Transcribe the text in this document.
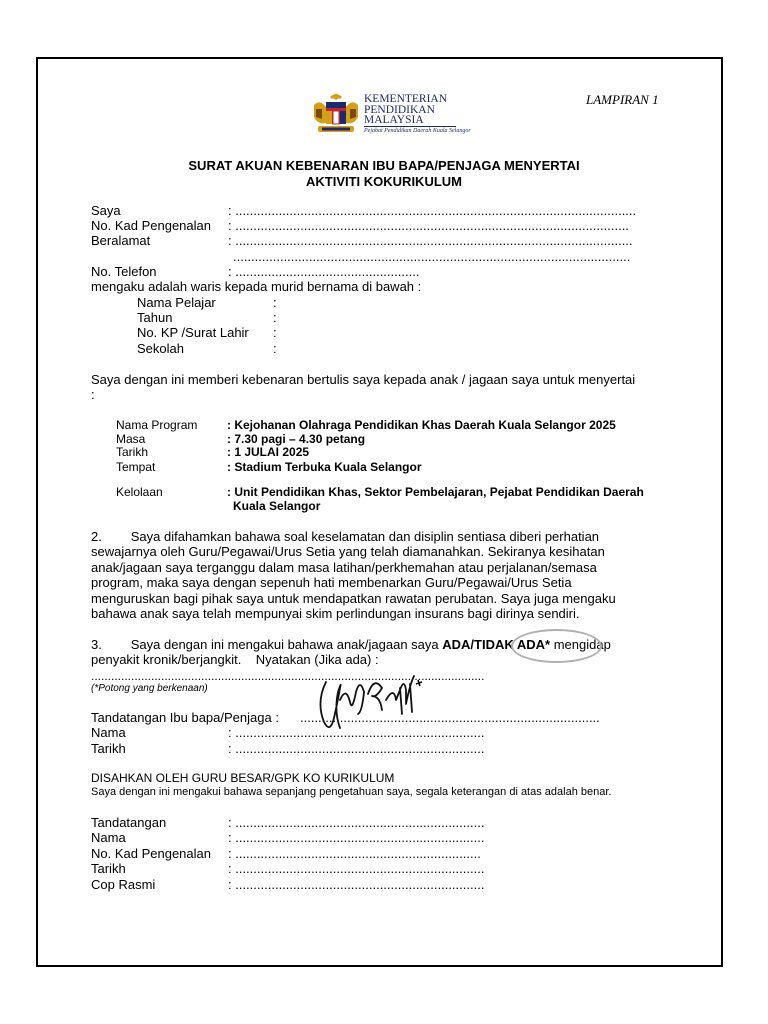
LAMPIRAN 1
KEMENTERIAN
PENDIDIKAN
MALAYSIA
Pejabat Pendidikan Daerah Kuala Selangor
SURAT AKUAN KEBENARAN IBU BAPA/PENJAGA MENYERTAI
AKTIVITI KOKURIKULUM
Saya	: ...............................................................................................................
No. Kad Pengenalan : .............................................................................................................
Beralamat	: ..............................................................................................................
..............................................................................................................
No. Telefon	: ...................................................
mengaku adalah waris kepada murid bernama di bawah :
Nama Pelajar	:
Tahun	:
No. KP /Surat Lahir :
Sekolah	:
Saya dengan ini memberi kebenaran bertulis saya kepada anak / jagaan saya untuk menyertai
:
Nama Program : Kejohanan Olahraga Pendidikan Khas Daerah Kuala Selangor 2025
Masa	: 7.30 pagi – 4.30 petang
Tarikh	: 1 JULAI 2025
Tempat	: Stadium Terbuka Kuala Selangor
Kelolaan	: Unit Pendidikan Khas, Sektor Pembelajaran, Pejabat Pendidikan Daerah
Kuala Selangor
2.        Saya difahamkan bahawa soal keselamatan dan disiplin sentiasa diberi perhatian
sewajarnya oleh Guru/Pegawai/Urus Setia yang telah diamanahkan. Sekiranya kesihatan
anak/jagaan saya terganggu dalam masa latihan/perkhemahan atau perjalanan/semasa
program, maka saya dengan sepenuh hati membenarkan Guru/Pegawai/Urus Setia
menguruskan bagi pihak saya untuk mendapatkan rawatan perubatan. Saya juga mengaku
bahawa anak saya telah mempunyai skim perlindungan insurans bagi dirinya sendiri.
3.        Saya dengan ini mengakui bahawa anak/jagaan saya ADA/TIDAK ADA* mengidap
penyakit kronik/berjangkit.    Nyatakan (Jika ada) :
......................................................................................................................
(*Potong yang berkenaan)
Tandatangan Ibu bapa/Penjaga : ...................................................................................
Nama	: .....................................................................
Tarikh	: .....................................................................
DISAHKAN OLEH GURU BESAR/GPK KO KURIKULUM
Saya dengan ini mengakui bahawa sepanjang pengetahuan saya, segala keterangan di atas adalah benar.
Tandatangan	: .....................................................................
Nama	: .....................................................................
No. Kad Pengenalan : ....................................................................
Tarikh	: .....................................................................
Cop Rasmi	: .....................................................................
